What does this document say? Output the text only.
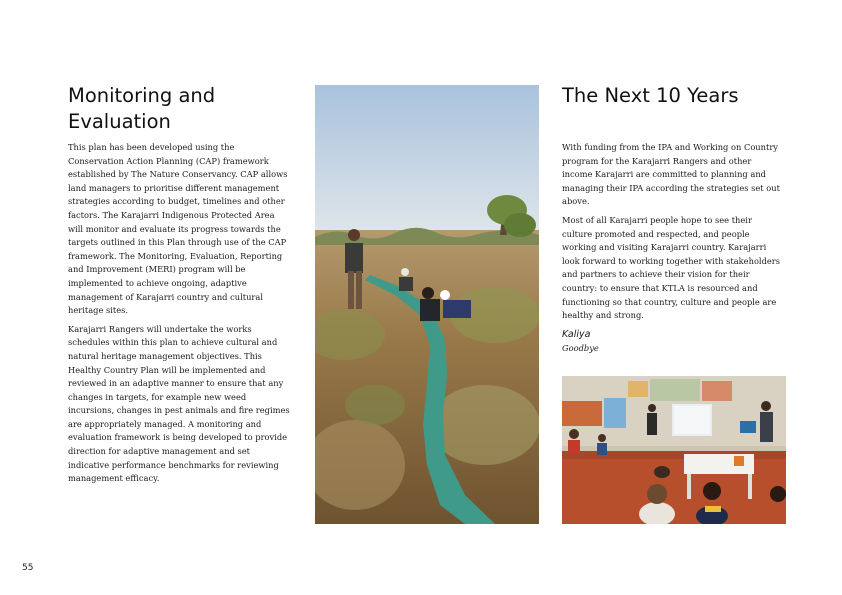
Monitoring and Evaluation

This plan has been developed using the Conservation Action Planning (CAP) framework established by The Nature Conservancy. CAP allows land managers to prioritise different management strategies according to budget, timelines and other factors. The Karajarri Indigenous Protected Area will monitor and evaluate its progress towards the targets outlined in this Plan through use of the CAP framework. The Monitoring, Evaluation, Reporting and Improvement (MERI) program will be implemented to achieve ongoing, adaptive management of Karajarri country and cultural heritage sites.

Karajarri Rangers will undertake the works schedules within this plan to achieve cultural and natural heritage management objectives. This Healthy Country Plan will be implemented and reviewed in an adaptive manner to ensure that any changes in targets, for example new weed incursions, changes in pest animals and fire regimes are appropriately managed. A monitoring and evaluation framework is being developed to provide direction for adaptive management and set indicative performance benchmarks for reviewing management efficacy.

The Next 10 Years

With funding from the IPA and Working on Country program for the Karajarri Rangers and other income Karajarri are committed to planning and managing their IPA according the strategies set out above.

Most of all Karajarri people hope to see their culture promoted and respected, and people working and visiting Karajarri country. Karajarri look forward to working together with stakeholders and partners to achieve their vision for their country: to ensure that KTLA is resourced and functioning so that country, culture and people are healthy and strong.

Kaliya
Goodbye
55
